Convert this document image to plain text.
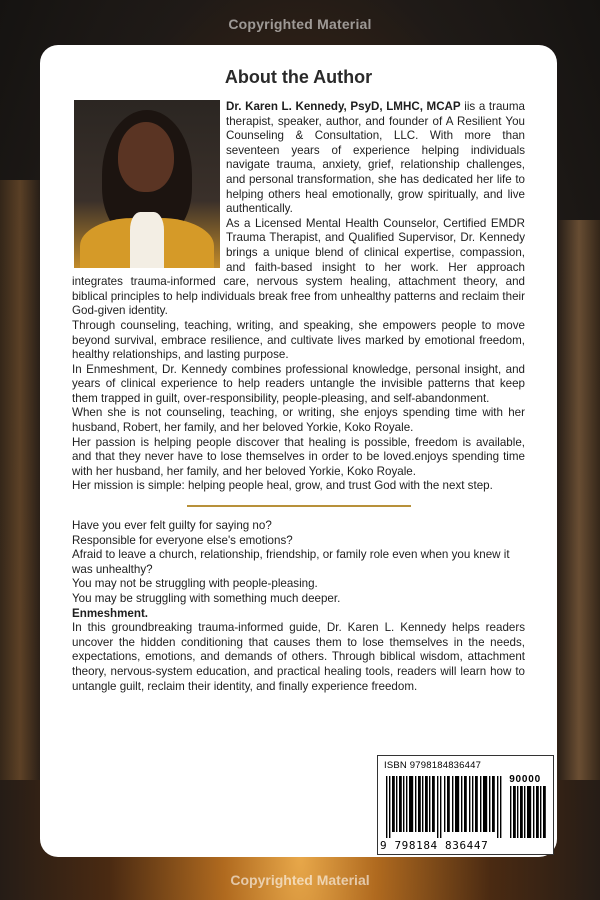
Copyrighted Material
About the Author

Dr. Karen L. Kennedy, PsyD, LMHC, MCAP iis a trauma therapist, speaker, author, and founder of A Resilient You Counseling & Consultation, LLC. With more than seventeen years of experience helping individuals navigate trauma, anxiety, grief, relationship challenges, and personal transformation, she has dedicated her life to helping others heal emotionally, grow spiritually, and live authentically.

As a Licensed Mental Health Counselor, Certified EMDR Trauma Therapist, and Qualified Supervisor, Dr. Kennedy brings a unique blend of clinical expertise, compassion, and faith-based insight to her work. Her approach integrates trauma-informed care, nervous system healing, attachment theory, and biblical principles to help individuals break free from unhealthy patterns and reclaim their God-given identity.

Through counseling, teaching, writing, and speaking, she empowers people to move beyond survival, embrace resilience, and cultivate lives marked by emotional freedom, healthy relationships, and lasting purpose.

In Enmeshment, Dr. Kennedy combines professional knowledge, personal insight, and years of clinical experience to help readers untangle the invisible patterns that keep them trapped in guilt, over-responsibility, people-pleasing, and self-abandonment.

When she is not counseling, teaching, or writing, she enjoys spending time with her husband, Robert, her family, and her beloved Yorkie, Koko Royale.

Her passion is helping people discover that healing is possible, freedom is available, and that they never have to lose themselves in order to be loved.enjoys spending time with her husband, her family, and her beloved Yorkie, Koko Royale.

Her mission is simple: helping people heal, grow, and trust God with the next step.

Have you ever felt guilty for saying no?

Responsible for everyone else's emotions?

Afraid to leave a church, relationship, friendship, or family role even when you knew it was unhealthy?

You may not be struggling with people-pleasing.

You may be struggling with something much deeper.

Enmeshment.

In this groundbreaking trauma-informed guide, Dr. Karen L. Kennedy helps readers uncover the hidden conditioning that causes them to lose themselves in the needs, expectations, emotions, and demands of others. Through biblical wisdom, attachment theory, nervous-system education, and practical healing tools, readers will learn how to untangle guilt, reclaim their identity, and finally experience freedom.

ISBN 9798184836447
90000
9 798184 836447
Copyrighted Material
